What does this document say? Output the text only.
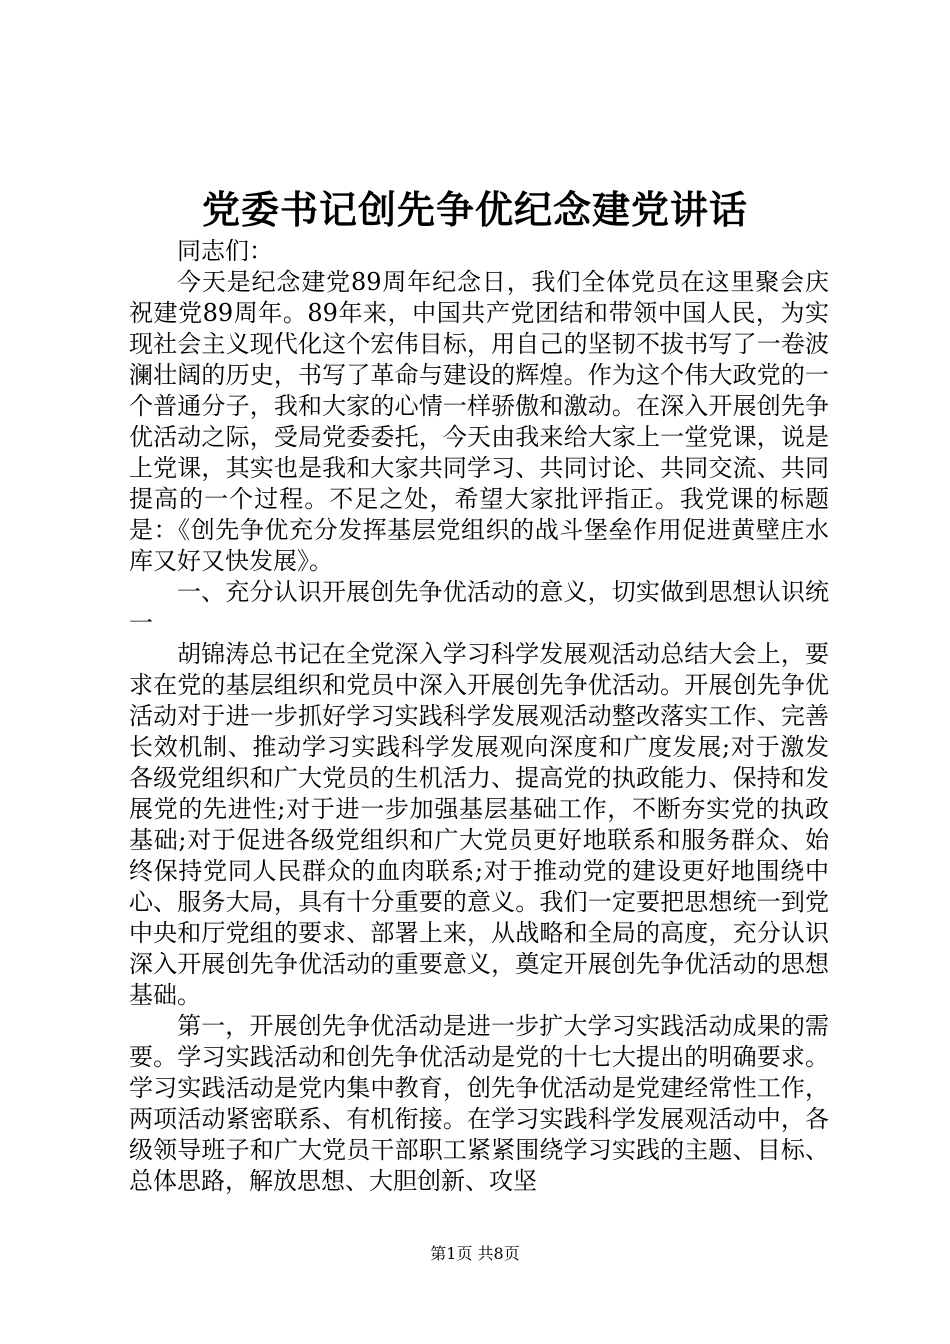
党委书记创先争优纪念建党讲话

同志们：

今天是纪念建党89周年纪念日，我们全体党员在这里聚会庆祝建党89周年。89年来，中国共产党团结和带领中国人民，为实现社会主义现代化这个宏伟目标，用自己的坚韧不拔书写了一卷波澜壮阔的历史，书写了革命与建设的辉煌。作为这个伟大政党的一个普通分子，我和大家的心情一样骄傲和激动。在深入开展创先争优活动之际，受局党委委托，今天由我来给大家上一堂党课，说是上党课，其实也是我和大家共同学习、共同讨论、共同交流、共同提高的一个过程。不足之处，希望大家批评指正。我党课的标题是：《创先争优充分发挥基层党组织的战斗堡垒作用促进黄壁庄水库又好又快发展》。

一、充分认识开展创先争优活动的意义，切实做到思想认识统一

胡锦涛总书记在全党深入学习科学发展观活动总结大会上，要求在党的基层组织和党员中深入开展创先争优活动。开展创先争优活动对于进一步抓好学习实践科学发展观活动整改落实工作、完善长效机制、推动学习实践科学发展观向深度和广度发展;对于激发各级党组织和广大党员的生机活力、提高党的执政能力、保持和发展党的先进性;对于进一步加强基层基础工作，不断夯实党的执政基础;对于促进各级党组织和广大党员更好地联系和服务群众、始终保持党同人民群众的血肉联系;对于推动党的建设更好地围绕中心、服务大局，具有十分重要的意义。我们一定要把思想统一到党中央和厅党组的要求、部署上来，从战略和全局的高度，充分认识深入开展创先争优活动的重要意义，奠定开展创先争优活动的思想基础。

第一，开展创先争优活动是进一步扩大学习实践活动成果的需要。学习实践活动和创先争优活动是党的十七大提出的明确要求。学习实践活动是党内集中教育，创先争优活动是党建经常性工作，两项活动紧密联系、有机衔接。在学习实践科学发展观活动中，各级领导班子和广大党员干部职工紧紧围绕学习实践的主题、目标、总体思路，解放思想、大胆创新、攻坚

第1页 共8页
